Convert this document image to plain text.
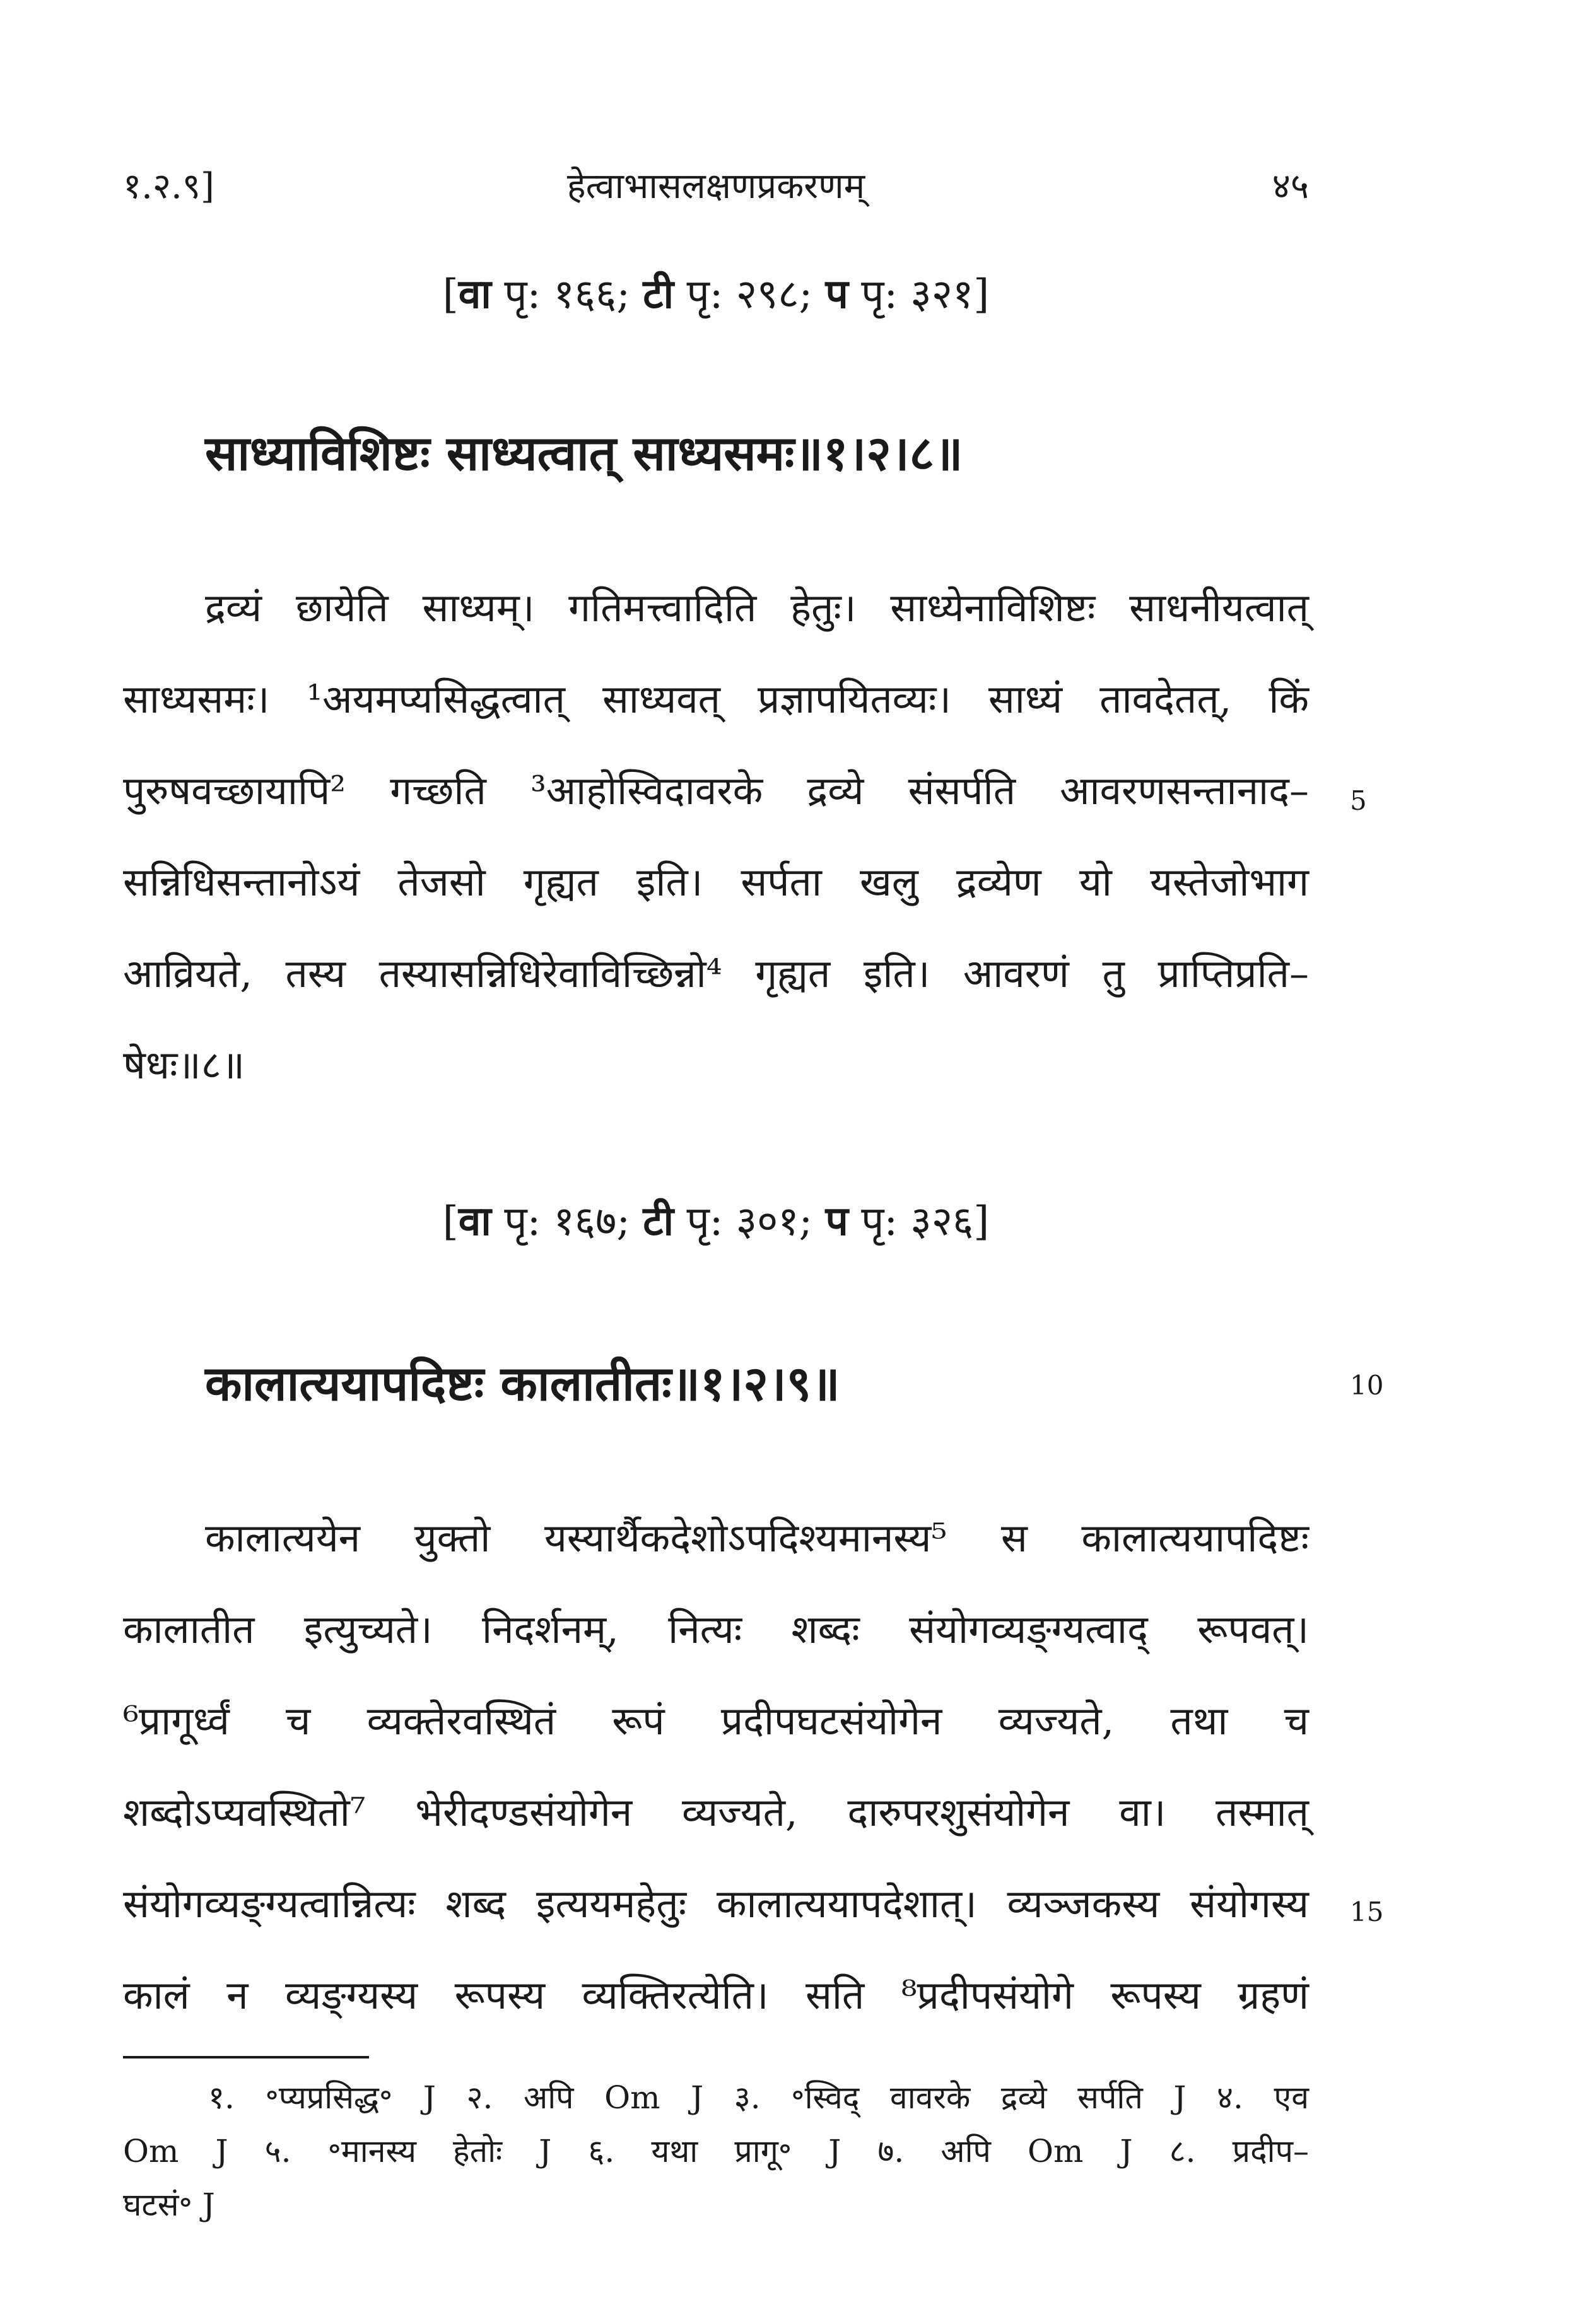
१.२.९]	हेत्वाभासलक्षणप्रकरणम्	४५
[वा पृ: १६६; टी पृ: २९८; प पृ: ३२१]
साध्याविशिष्टः साध्यत्वात् साध्यसमः॥१।२।८॥
द्रव्यं छायेति साध्यम्। गतिमत्त्वादिति हेतुः। साध्येनाविशिष्टः साधनीयत्वात्
साध्यसमः। ¹अयमप्यसिद्धत्वात् साध्यवत् प्रज्ञापयितव्यः। साध्यं तावदेतत्, किं
पुरुषवच्छायापि² गच्छति ³आहोस्विदावरके द्रव्ये संसर्पति आवरणसन्तानाद–
सन्निधिसन्तानोऽयं तेजसो गृह्यत इति। सर्पता खलु द्रव्येण यो यस्तेजोभाग
आव्रियते, तस्य तस्यासन्निधिरेवाविच्छिन्नो⁴ गृह्यत इति। आवरणं तु प्राप्तिप्रति–
षेधः॥८॥
[वा पृ: १६७; टी पृ: ३०१; प पृ: ३२६]
कालात्ययापदिष्टः कालातीतः॥१।२।९॥
कालात्ययेन युक्तो यस्यार्थैकदेशोऽपदिश्यमानस्य⁵ स कालात्ययापदिष्टः
कालातीत इत्युच्यते। निदर्शनम्, नित्यः शब्दः संयोगव्यङ्ग्यत्वाद् रूपवत्।
⁶प्रागूर्ध्वं च व्यक्तेरवस्थितं रूपं प्रदीपघटसंयोगेन व्यज्यते, तथा च
शब्दोऽप्यवस्थितो⁷ भेरीदण्डसंयोगेन व्यज्यते, दारुपरशुसंयोगेन वा। तस्मात्
संयोगव्यङ्ग्यत्वान्नित्यः शब्द इत्ययमहेतुः कालात्ययापदेशात्। व्यञ्जकस्य संयोगस्य
कालं न व्यङ्ग्यस्य रूपस्य व्यक्तिरत्येति। सति ⁸प्रदीपसंयोगे रूपस्य ग्रहणं
5
10
15
१. ॰प्यप्रसिद्ध॰ J २. अपि Om J ३. ॰स्विद् वावरके द्रव्ये सर्पति J ४. एव
Om J ५. ॰मानस्य हेतोः J ६. यथा प्रागू॰ J ७. अपि Om J ८. प्रदीप–
घटसं॰ J
